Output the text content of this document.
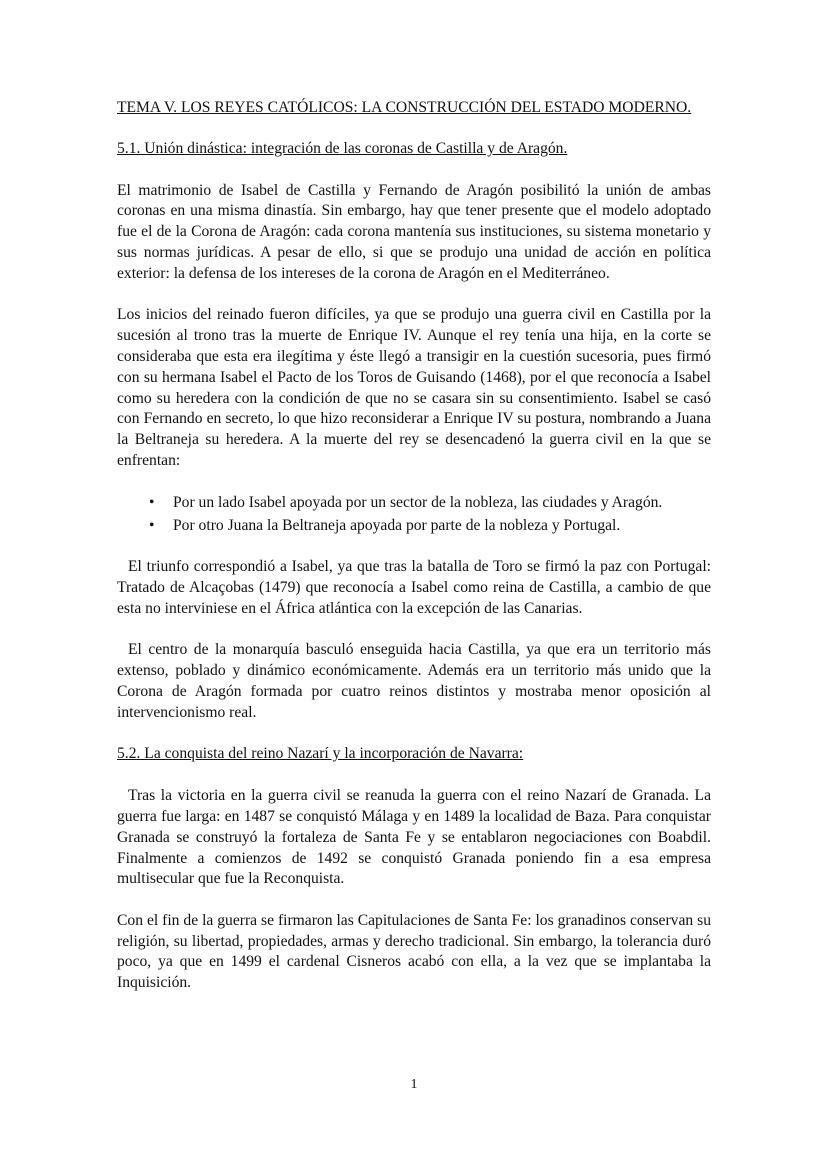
TEMA V. LOS REYES CATÓLICOS: LA CONSTRUCCIÓN DEL ESTADO MODERNO.
5.1. Unión dinástica: integración de las coronas de Castilla y de Aragón.

El matrimonio de Isabel de Castilla y Fernando de Aragón posibilitó la unión de ambas coronas en una misma dinastía. Sin embargo, hay que tener presente que el modelo adoptado fue el de la Corona de Aragón: cada corona mantenía sus instituciones, su sistema monetario y sus normas jurídicas. A pesar de ello, si que se produjo una unidad de acción en política exterior: la defensa de los intereses de la corona de Aragón en el Mediterráneo.

Los inicios del reinado fueron difíciles, ya que se produjo una guerra civil en Castilla por la sucesión al trono tras la muerte de Enrique IV. Aunque el rey tenía una hija, en la corte se consideraba que esta era ilegítima y éste llegó a transigir en la cuestión sucesoria, pues firmó con su hermana Isabel el Pacto de los Toros de Guisando (1468), por el que reconocía a Isabel como su heredera con la condición de que no se casara sin su consentimiento. Isabel se casó con Fernando en secreto, lo que hizo reconsiderar a Enrique IV su postura, nombrando a Juana la Beltraneja su heredera. A la muerte del rey se desencadenó la guerra civil en la que se enfrentan:

• Por un lado Isabel apoyada por un sector de la nobleza, las ciudades y Aragón.
• Por otro Juana la Beltraneja apoyada por parte de la nobleza y Portugal.

El triunfo correspondió a Isabel, ya que tras la batalla de Toro se firmó la paz con Portugal: Tratado de Alcaçobas (1479) que reconocía a Isabel como reina de Castilla, a cambio de que esta no interviniese en el África atlántica con la excepción de las Canarias.

El centro de la monarquía basculó enseguida hacia Castilla, ya que era un territorio más extenso, poblado y dinámico económicamente. Además era un territorio más unido que la Corona de Aragón formada por cuatro reinos distintos y mostraba menor oposición al intervencionismo real.

5.2. La conquista del reino Nazarí y la incorporación de Navarra:

Tras la victoria en la guerra civil se reanuda la guerra con el reino Nazarí de Granada. La guerra fue larga: en 1487 se conquistó Málaga y en 1489 la localidad de Baza. Para conquistar Granada se construyó la fortaleza de Santa Fe y se entablaron negociaciones con Boabdil. Finalmente a comienzos de 1492 se conquistó Granada poniendo fin a esa empresa multisecular que fue la Reconquista.

Con el fin de la guerra se firmaron las Capitulaciones de Santa Fe: los granadinos conservan su religión, su libertad, propiedades, armas y derecho tradicional. Sin embargo, la tolerancia duró poco, ya que en 1499 el cardenal Cisneros acabó con ella, a la vez que se implantaba la Inquisición.

1
